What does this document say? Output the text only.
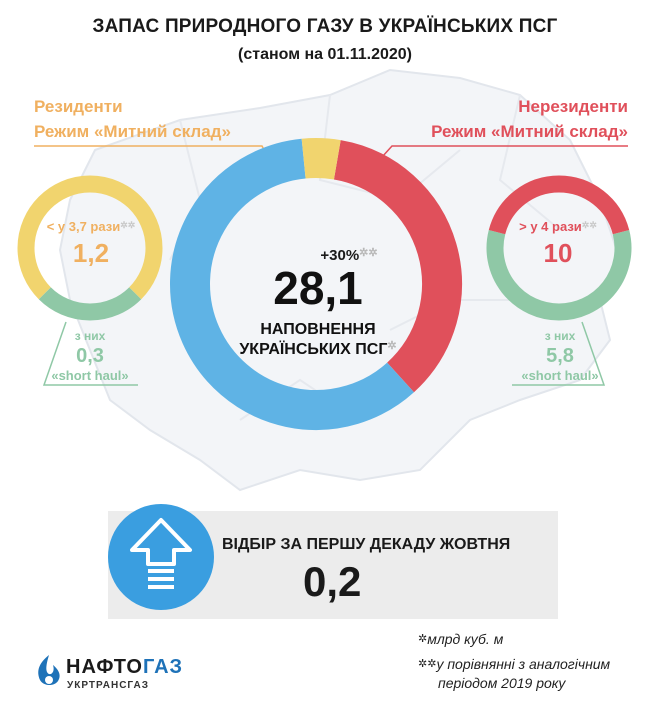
ЗАПАС ПРИРОДНОГО ГАЗУ В УКРАЇНСЬКИХ ПСГ
(станом на 01.11.2020)
Резиденти
Режим «Митний склад»
Нерезиденти
Режим «Митний склад»
+30%✲✲
28,1
НАПОВНЕННЯ
УКРАЇНСЬКИХ ПСГ✲
< у 3,7 рази✲✲
1,2
> у 4 рази✲✲
10
з них
0,3
«short haul»
з них
5,8
«short haul»
ВІДБІР ЗА ПЕРШУ ДЕКАДУ ЖОВТНЯ
0,2
✲млрд куб. м
✲✲у порівнянні з аналогічним
періодом 2019 року
НАФТОГАЗ
УКРТРАНСГАЗ
